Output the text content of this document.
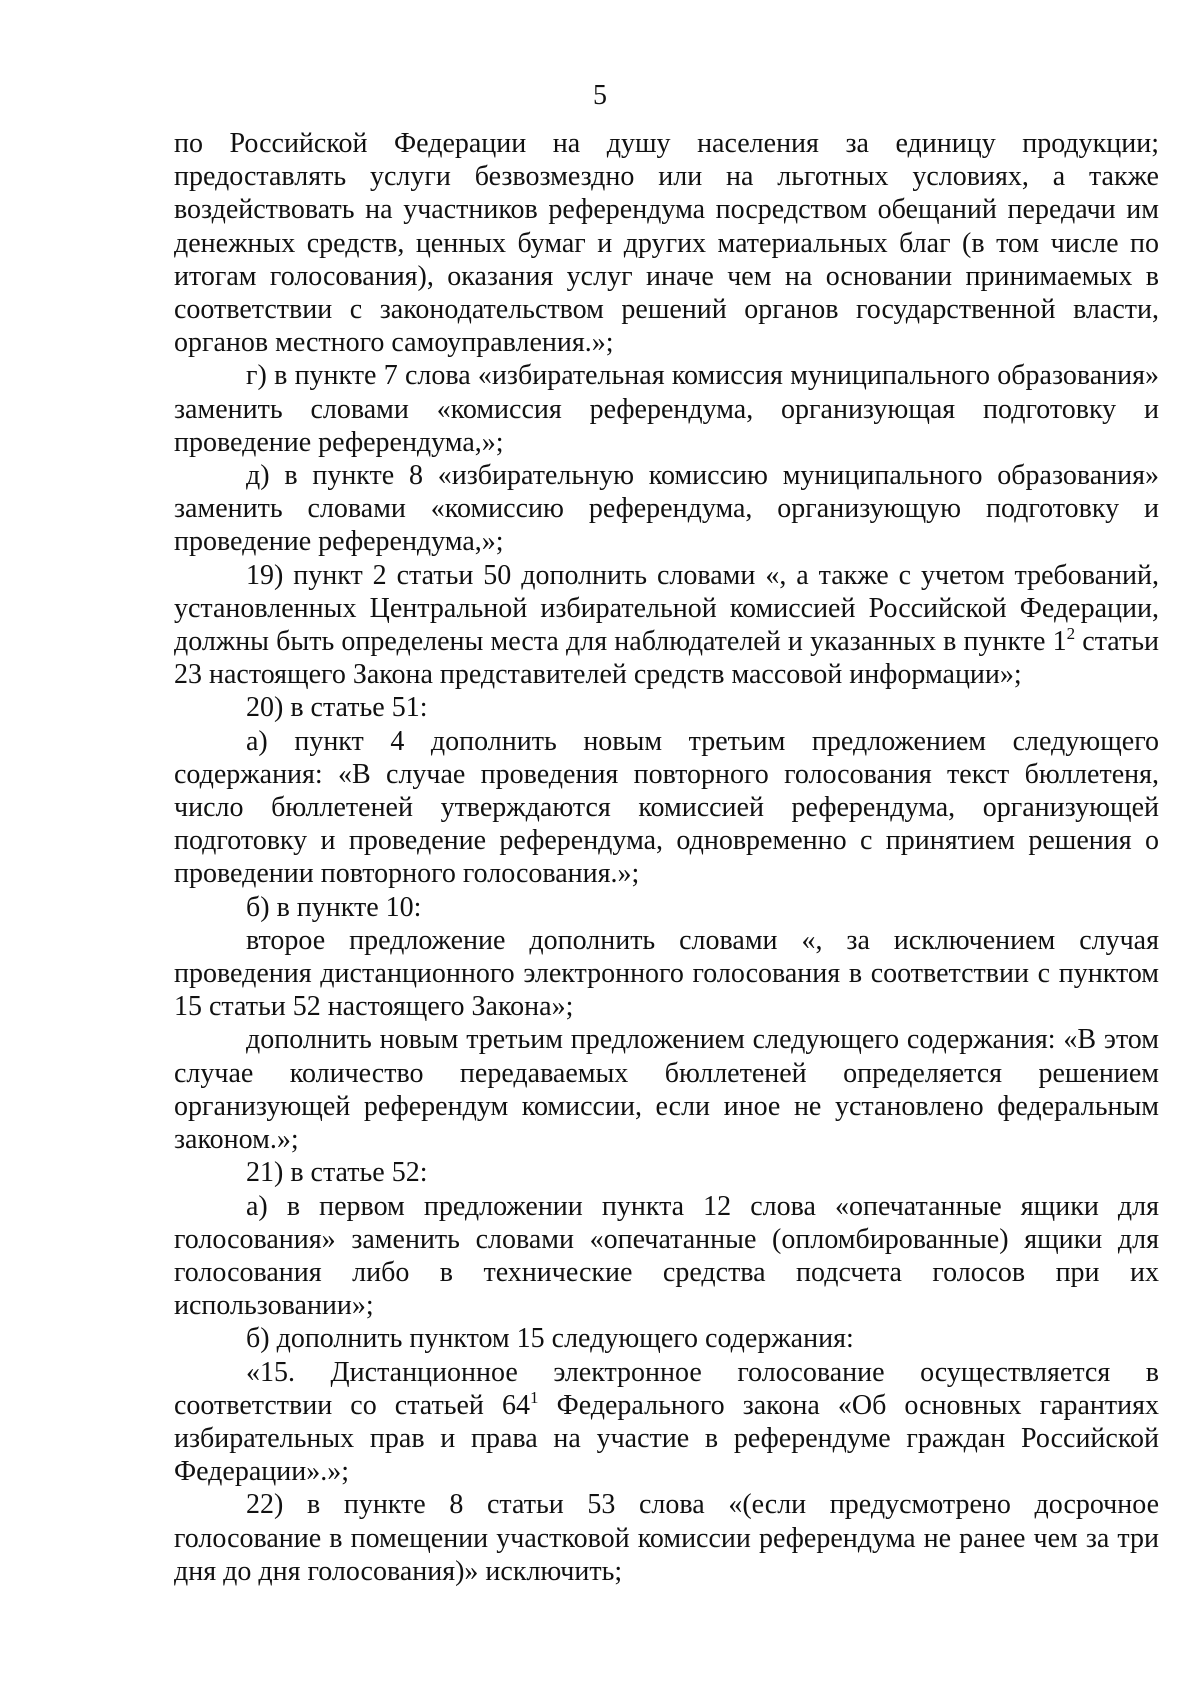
5

по Российской Федерации на душу населения за единицу продукции; предоставлять услуги безвозмездно или на льготных условиях, а также воздействовать на участников референдума посредством обещаний передачи им денежных средств, ценных бумаг и других материальных благ (в том числе по итогам голосования), оказания услуг иначе чем на основании принимаемых в соответствии с законодательством решений органов государственной власти, органов местного самоуправления.»;

г) в пункте 7 слова «избирательная комиссия муниципального образования» заменить словами «комиссия референдума, организующая подготовку и проведение референдума,»;

д) в пункте 8 «избирательную комиссию муниципального образования» заменить словами «комиссию референдума, организующую подготовку и проведение референдума,»;

19) пункт 2 статьи 50 дополнить словами «, а также с учетом требований, установленных Центральной избирательной комиссией Российской Федерации, должны быть определены места для наблюдателей и указанных в пункте $1^2$ статьи 23 настоящего Закона представителей средств массовой информации»;

20) в статье 51:

а) пункт 4 дополнить новым третьим предложением следующего содержания: «В случае проведения повторного голосования текст бюллетеня, число бюллетеней утверждаются комиссией референдума, организующей подготовку и проведение референдума, одновременно с принятием решения о проведении повторного голосования.»;

б) в пункте 10:

второе предложение дополнить словами «, за исключением случая проведения дистанционного электронного голосования в соответствии с пунктом 15 статьи 52 настоящего Закона»;

дополнить новым третьим предложением следующего содержания: «В этом случае количество передаваемых бюллетеней определяется решением организующей референдум комиссии, если иное не установлено федеральным законом.»;

21) в статье 52:

а) в первом предложении пункта 12 слова «опечатанные ящики для голосования» заменить словами «опечатанные (опломбированные) ящики для голосования либо в технические средства подсчета голосов при их использовании»;

б) дополнить пунктом 15 следующего содержания:

«15. Дистанционное электронное голосование осуществляется в соответствии со статьей $64^1$ Федерального закона «Об основных гарантиях избирательных прав и права на участие в референдуме граждан Российской Федерации».»;

22) в пункте 8 статьи 53 слова «(если предусмотрено досрочное голосование в помещении участковой комиссии референдума не ранее чем за три дня до дня голосования)» исключить;
